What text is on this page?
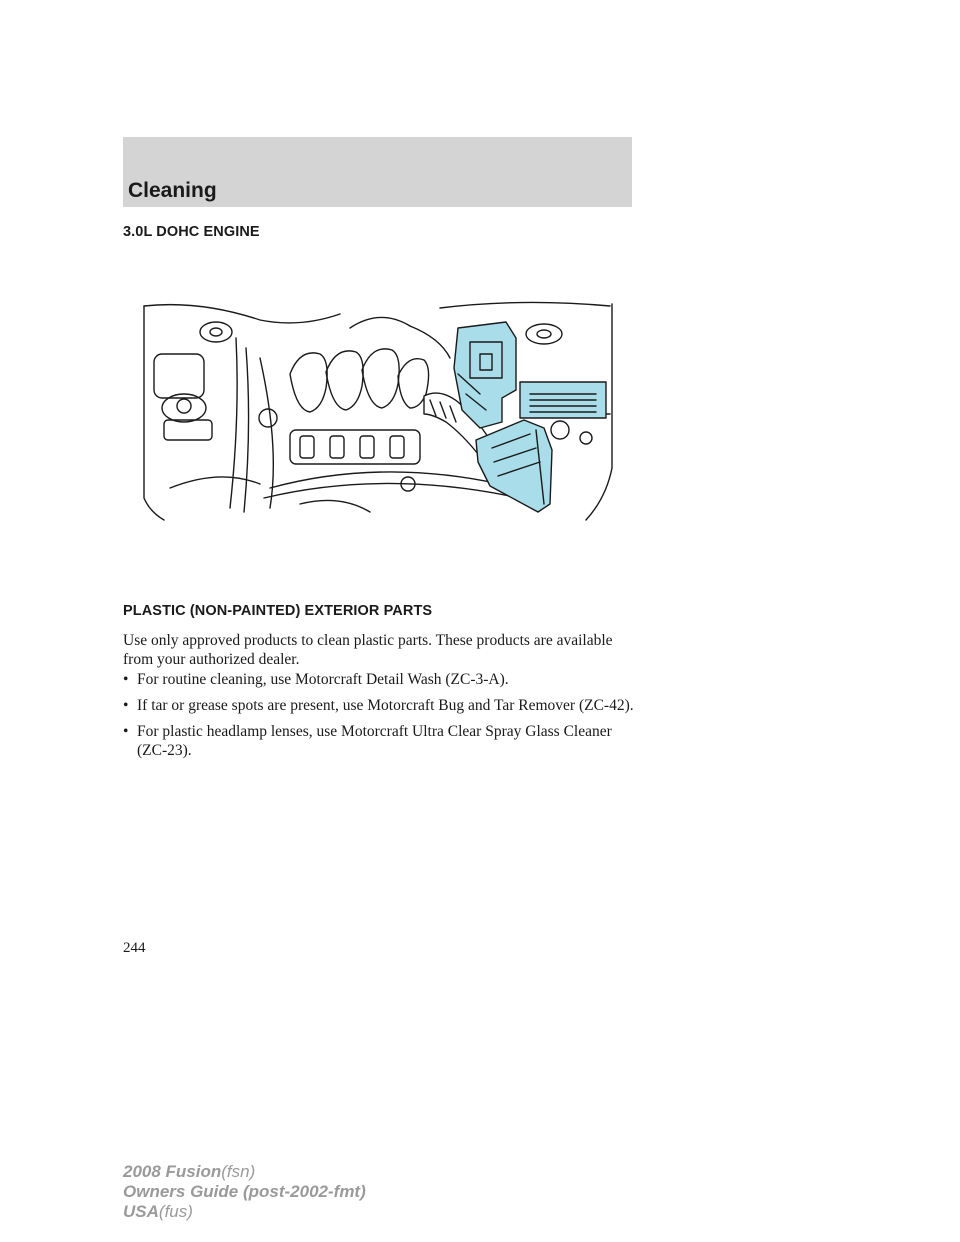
Cleaning
3.0L DOHC ENGINE
PLASTIC (NON-PAINTED) EXTERIOR PARTS

Use only approved products to clean plastic parts. These products are available from your authorized dealer.

• For routine cleaning, use Motorcraft Detail Wash (ZC-3-A).
• If tar or grease spots are present, use Motorcraft Bug and Tar Remover (ZC-42).
• For plastic headlamp lenses, use Motorcraft Ultra Clear Spray Glass Cleaner (ZC-23).

244

2008 Fusion(fsn)
Owners Guide (post-2002-fmt)
USA(fus)
